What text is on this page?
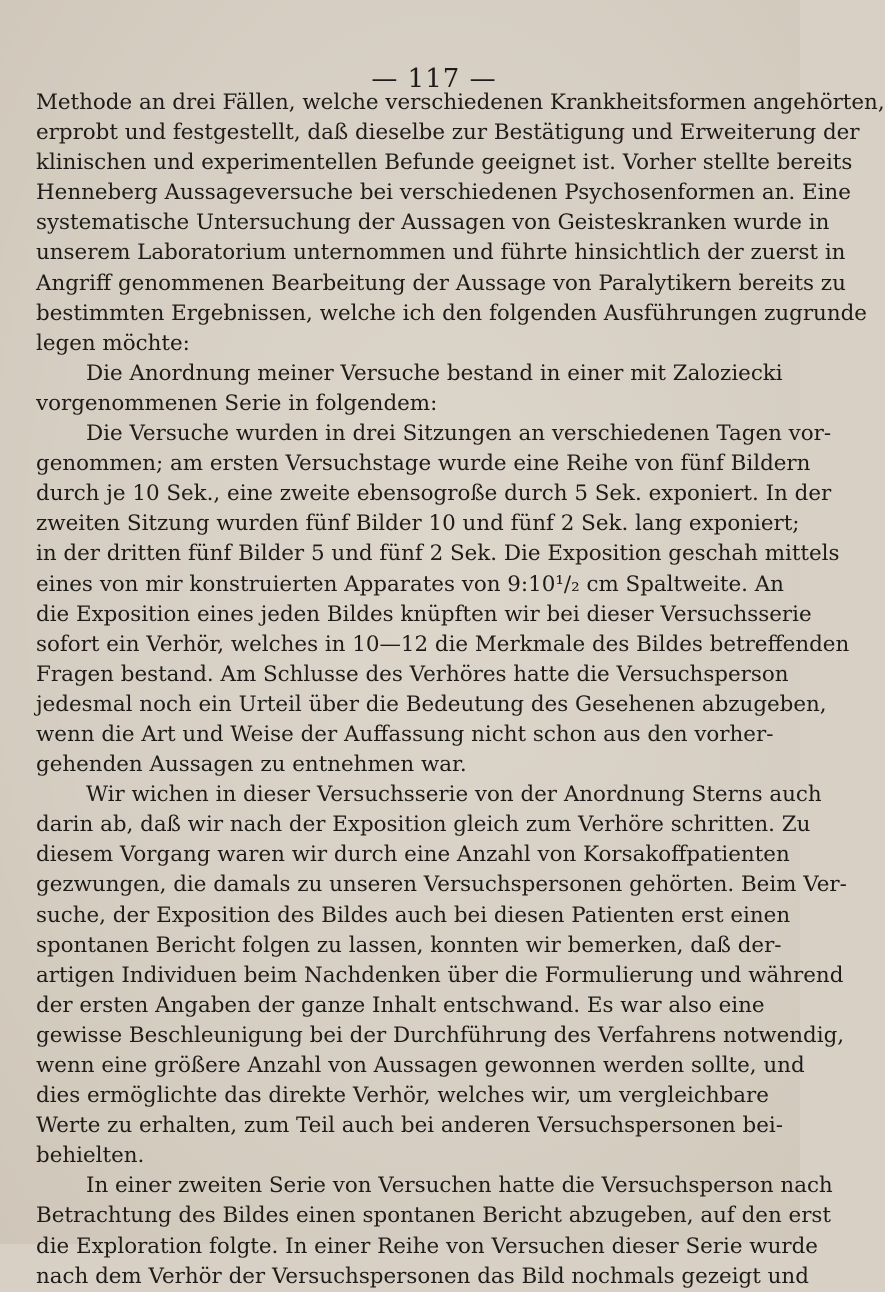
— 117 —
Methode an drei Fällen, welche verschiedenen Krankheitsformen angehörten,
erprobt und festgestellt, daß dieselbe zur Bestätigung und Erweiterung der
klinischen und experimentellen Befunde geeignet ist. Vorher stellte bereits
Henneberg Aussageversuche bei verschiedenen Psychosenformen an. Eine
systematische Untersuchung der Aussagen von Geisteskranken wurde in
unserem Laboratorium unternommen und führte hinsichtlich der zuerst in
Angriff genommenen Bearbeitung der Aussage von Paralytikern bereits zu
bestimmten Ergebnissen, welche ich den folgenden Ausführungen zugrunde
legen möchte:
Die Anordnung meiner Versuche bestand in einer mit Zaloziecki
vorgenommenen Serie in folgendem:
Die Versuche wurden in drei Sitzungen an verschiedenen Tagen vor-
genommen; am ersten Versuchstage wurde eine Reihe von fünf Bildern
durch je 10 Sek., eine zweite ebensogroße durch 5 Sek. exponiert. In der
zweiten Sitzung wurden fünf Bilder 10 und fünf 2 Sek. lang exponiert;
in der dritten fünf Bilder 5 und fünf 2 Sek. Die Exposition geschah mittels
eines von mir konstruierten Apparates von 9:10¹/₂ cm Spaltweite. An
die Exposition eines jeden Bildes knüpften wir bei dieser Versuchsserie
sofort ein Verhör, welches in 10—12 die Merkmale des Bildes betreffenden
Fragen bestand. Am Schlusse des Verhöres hatte die Versuchsperson
jedesmal noch ein Urteil über die Bedeutung des Gesehenen abzugeben,
wenn die Art und Weise der Auffassung nicht schon aus den vorher-
gehenden Aussagen zu entnehmen war.
Wir wichen in dieser Versuchsserie von der Anordnung Sterns auch
darin ab, daß wir nach der Exposition gleich zum Verhöre schritten. Zu
diesem Vorgang waren wir durch eine Anzahl von Korsakoffpatienten
gezwungen, die damals zu unseren Versuchspersonen gehörten. Beim Ver-
suche, der Exposition des Bildes auch bei diesen Patienten erst einen
spontanen Bericht folgen zu lassen, konnten wir bemerken, daß der-
artigen Individuen beim Nachdenken über die Formulierung und während
der ersten Angaben der ganze Inhalt entschwand. Es war also eine
gewisse Beschleunigung bei der Durchführung des Verfahrens notwendig,
wenn eine größere Anzahl von Aussagen gewonnen werden sollte, und
dies ermöglichte das direkte Verhör, welches wir, um vergleichbare
Werte zu erhalten, zum Teil auch bei anderen Versuchspersonen bei-
behielten.
In einer zweiten Serie von Versuchen hatte die Versuchsperson nach
Betrachtung des Bildes einen spontanen Bericht abzugeben, auf den erst
die Exploration folgte. In einer Reihe von Versuchen dieser Serie wurde
nach dem Verhör der Versuchspersonen das Bild nochmals gezeigt und
